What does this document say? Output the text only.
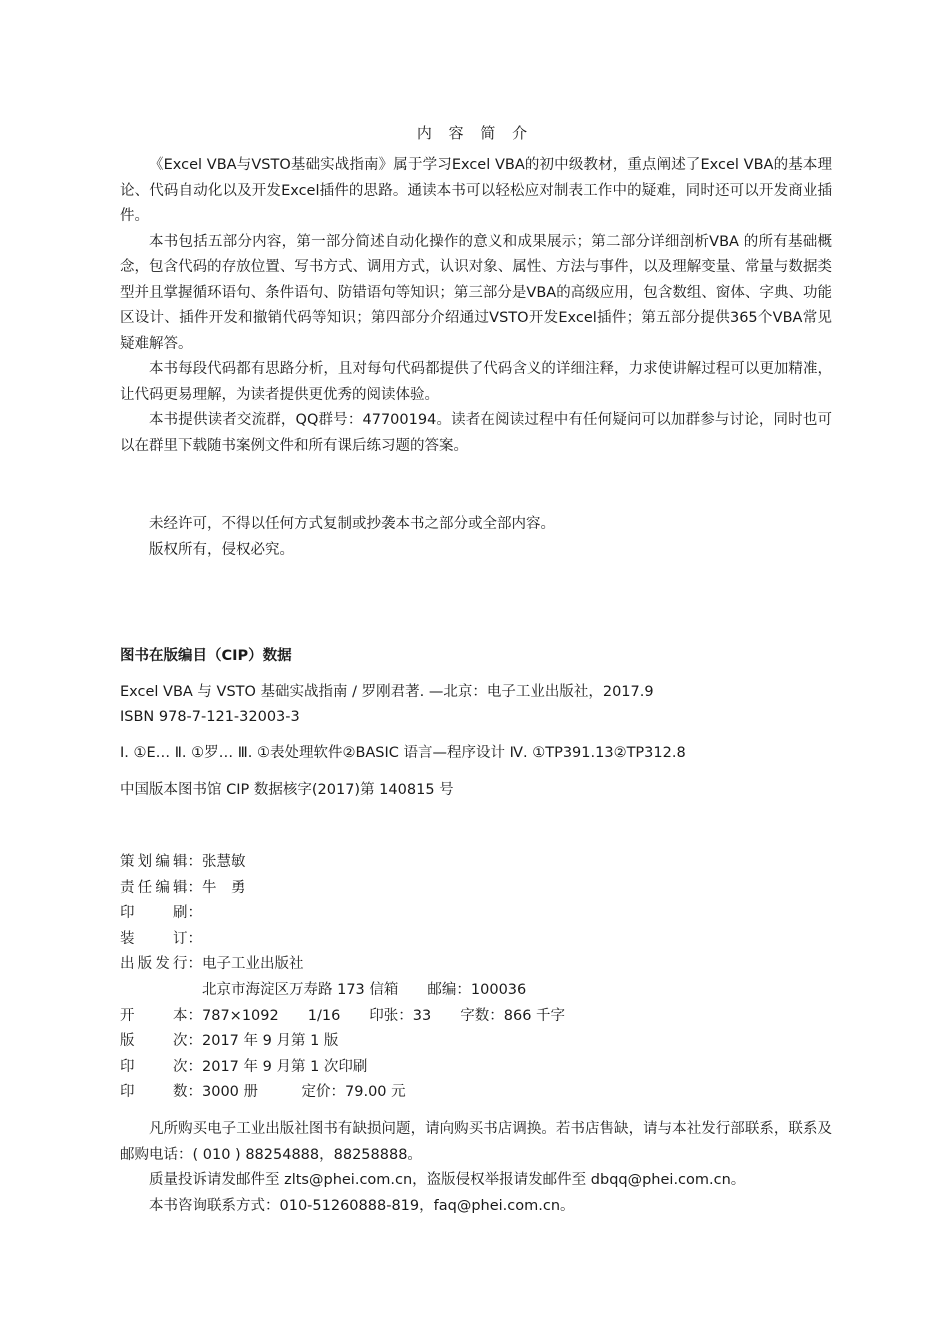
内 容 简 介

《Excel VBA与VSTO基础实战指南》属于学习Excel VBA的初中级教材，重点阐述了Excel VBA的基本理论、代码自动化以及开发Excel插件的思路。通读本书可以轻松应对制表工作中的疑难，同时还可以开发商业插件。

本书包括五部分内容，第一部分简述自动化操作的意义和成果展示；第二部分详细剖析VBA 的所有基础概念，包含代码的存放位置、写书方式、调用方式，认识对象、属性、方法与事件，以及理解变量、常量与数据类型并且掌握循环语句、条件语句、防错语句等知识；第三部分是VBA的高级应用，包含数组、窗体、字典、功能区设计、插件开发和撤销代码等知识；第四部分介绍通过VSTO开发Excel插件；第五部分提供365个VBA常见疑难解答。

本书每段代码都有思路分析，且对每句代码都提供了代码含义的详细注释，力求使讲解过程可以更加精准，让代码更易理解，为读者提供更优秀的阅读体验。

本书提供读者交流群，QQ群号：47700194。读者在阅读过程中有任何疑问可以加群参与讨论，同时也可以在群里下载随书案例文件和所有课后练习题的答案。

未经许可，不得以任何方式复制或抄袭本书之部分或全部内容。

版权所有，侵权必究。

图书在版编目（CIP）数据
Excel VBA 与 VSTO 基础实战指南 / 罗刚君著. —北京：电子工业出版社，2017.9
ISBN 978-7-121-32003-3
Ⅰ. ①E… Ⅱ. ①罗… Ⅲ. ①表处理软件②BASIC 语言—程序设计 Ⅳ. ①TP391.13②TP312.8
中国版本图书馆 CIP 数据核字(2017)第 140815 号
策 划 编 辑： 张慧敏
责 任 编 辑： 牛　勇
印	刷：
装	订：
出 版 发 行： 电子工业出版社
北京市海淀区万寿路 173 信箱　　邮编：100036
开	本： 787×1092　　1/16　　印张：33　　字数：866 千字
版	次： 2017 年 9 月第 1 版
印	次： 2017 年 9 月第 1 次印刷
印	数： 3000 册　　　定价：79.00 元

凡所购买电子工业出版社图书有缺损问题，请向购买书店调换。若书店售缺，请与本社发行部联系，联系及邮购电话：( 010 ) 88254888，88258888。

质量投诉请发邮件至 zlts@phei.com.cn，盗版侵权举报请发邮件至 dbqq@phei.com.cn。

本书咨询联系方式：010-51260888-819，faq@phei.com.cn。
